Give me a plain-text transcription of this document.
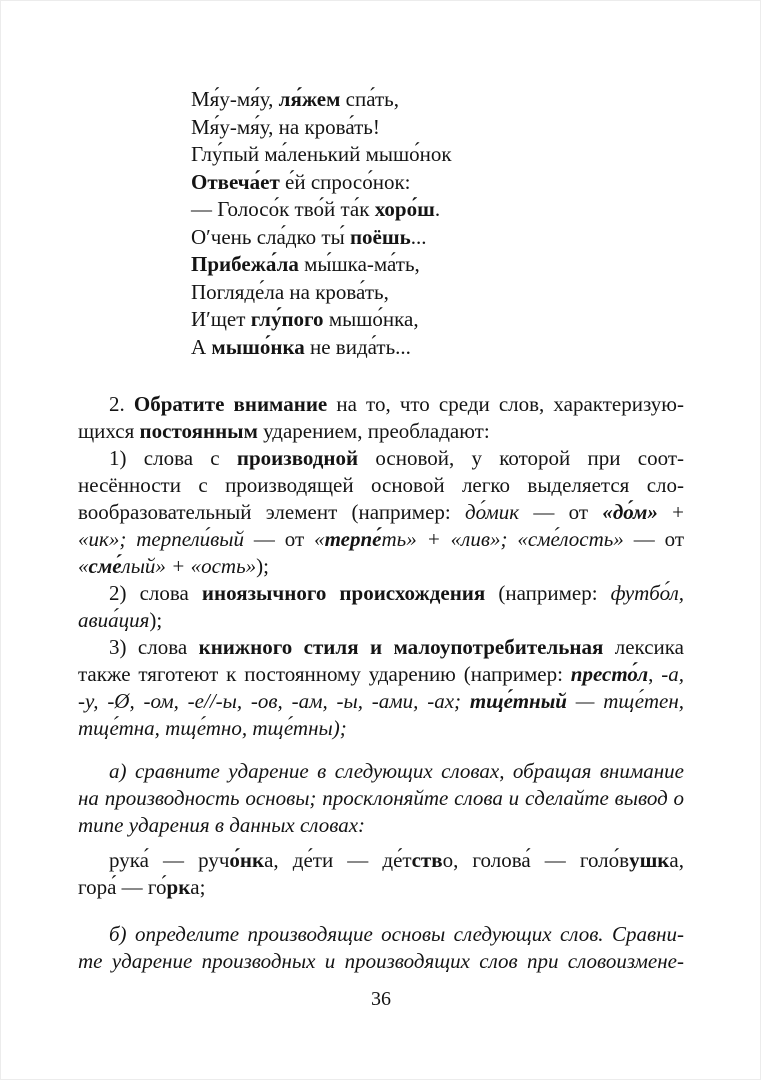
Мя́у-мя́у, ля́жем спа́ть,
Мя́у-мя́у, на крова́ть!
Глу́пый ма́ленький мышо́нок
Отвеча́ет е́й спросо́нок:
— Голосо́к тво́й та́к хоро́ш.
Оʹчень сла́дко ты́ поёшь...
Прибежа́ла мы́шка-ма́ть,
Погляде́ла на крова́ть,
Иʹщет глу́пого мышо́нка,
А мышо́нка не вида́ть...
2. Обратите внимание на то, что среди слов, характеризую-
щихся постоянным ударением, преобладают:
1) слова с производной основой, у которой при соот-
несённости с производящей основой легко выделяется сло-
вообразовательный элемент (например: до́мик — от «до́м» +
«ик»; терпели́вый — от «терпе́ть» + «лив»; «сме́лость» — от
«сме́лый» + «ость»);
2) слова иноязычного происхождения (например: футбо́л,
авиа́ция);
3) слова книжного стиля и малоупотребительная лексика
также тяготеют к постоянному ударению (например: престо́л, -а,
-у, -Ø, -ом, -е//-ы, -ов, -ам, -ы, -ами, -ах; тще́тный — тще́тен,
тще́тна, тще́тно, тще́тны);
а) сравните ударение в следующих словах, обращая внимание
на производность основы; просклоняйте слова и сделайте вывод о
типе ударения в данных словах:
рука́ — ручо́нка, де́ти — де́тство, голова́ — голо́вушка,
гора́ — го́рка;
б) определите производящие основы следующих слов. Сравни-
те ударение производных и производящих слов при словоизмене-
36
